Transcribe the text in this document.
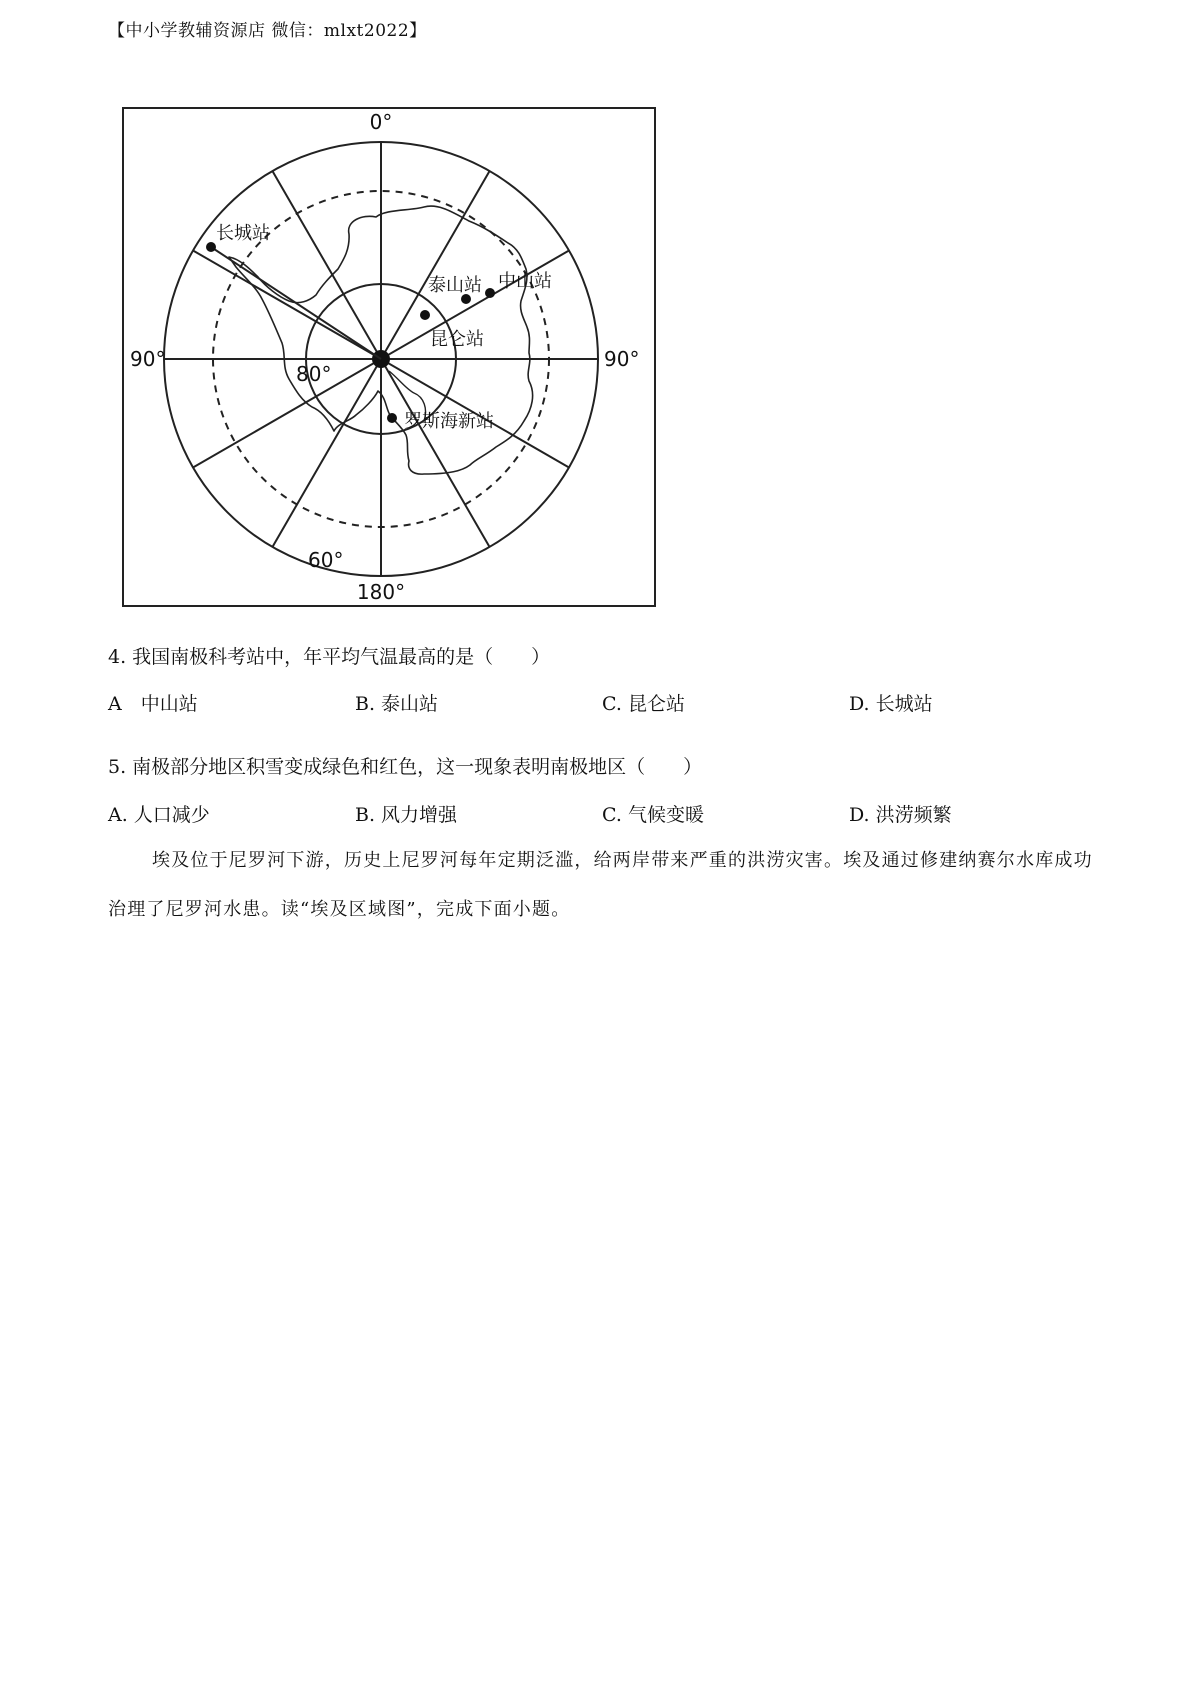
【中小学教辅资源店 微信：mlxt2022】
0°
90°	90°
180°
80°
60°
长城站
泰山站 中山站
昆仑站
罗斯海新站
4. 我国南极科考站中，年平均气温最高的是（　　）
A　中山站	B. 泰山站	C. 昆仑站	D. 长城站
5. 南极部分地区积雪变成绿色和红色，这一现象表明南极地区（　　）
A. 人口减少	B. 风力增强	C. 气候变暖	D. 洪涝频繁
埃及位于尼罗河下游，历史上尼罗河每年定期泛滥，给两岸带来严重的洪涝灾害。埃及通过修建纳赛尔水库成功治理了尼罗河水患。读“埃及区域图”，完成下面小题。
